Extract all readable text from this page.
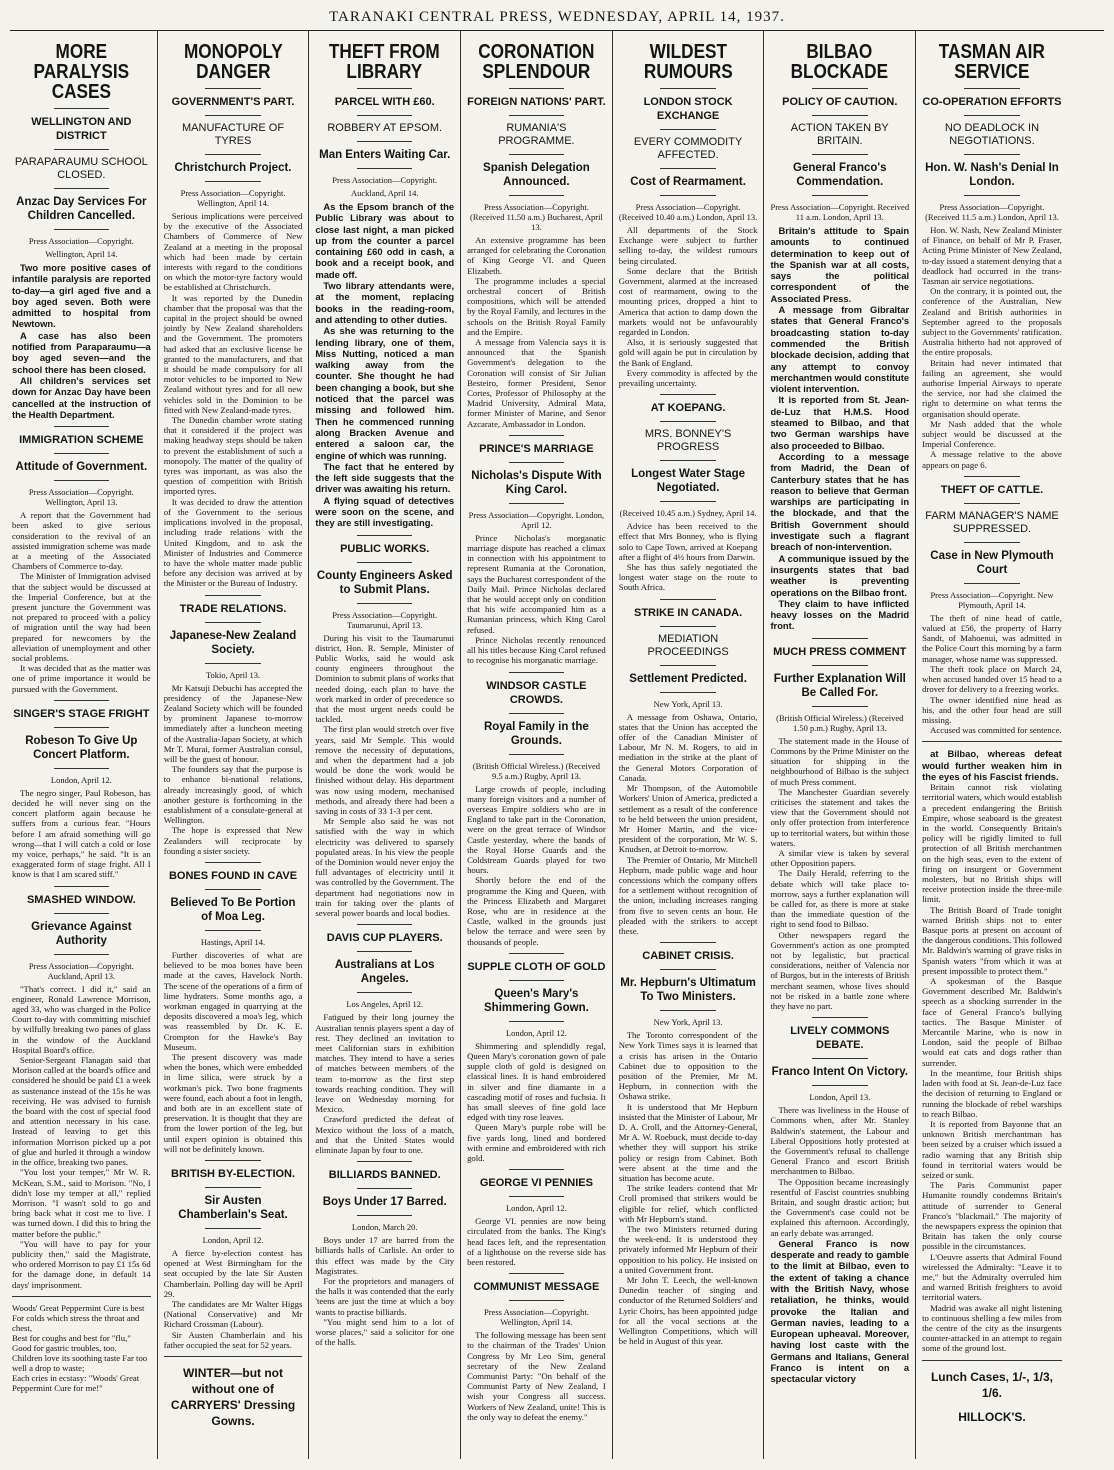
TARANAKI CENTRAL PRESS, WEDNESDAY, APRIL 14, 1937.
MORE PARALYSIS CASES
WELLINGTON AND DISTRICT
PARAPARAUMU SCHOOL CLOSED.
Anzac Day Services For Children Cancelled.
Press Association—Copyright.
Wellington, April 14.
Two more positive cases of infantile paralysis are reported to-day—a girl aged five and a boy aged seven. Both were admitted to hospital from Newtown.
A case has also been notified from Paraparaumu—a boy aged seven—and the school there has been closed.
All children's services set down for Anzac Day have been cancelled at the instruction of the Health Department.
IMMIGRATION SCHEME
Attitude of Government.
Press Association—Copyright. Wellington, April 13.
A report that the Government had been asked to give serious consideration to the revival of an assisted immigration scheme was made at a meeting of the Associated Chambers of Commerce to-day.
The Minister of Immigration advised that the subject would be discussed at the Imperial Conference, but at the present juncture the Government was not prepared to proceed with a policy of migration until the way had been prepared for newcomers by the alleviation of unemployment and other social problems.
It was decided that as the matter was one of prime importance it would be pursued with the Government.
SINGER'S STAGE FRIGHT
Robeson To Give Up Concert Platform.
London, April 12.
The negro singer, Paul Robeson, has decided he will never sing on the concert platform again because he suffers from a curious fear. "Hours before I am afraid something will go wrong—that I will catch a cold or lose my voice, perhaps," he said. "It is an exaggerated form of stage fright. All I know is that I am scared stiff."
SMASHED WINDOW.
Grievance Against Authority
Press Association—Copyright. Auckland, April 13.
"That's correct. I did it," said an engineer, Ronald Lawrence Morrison, aged 33, who was charged in the Police Court to-day with committing mischief by wilfully breaking two panes of glass in the window of the Auckland Hospital Board's office.
Senior-Sergeant Flanagan said that Morison called at the board's office and considered he should be paid £1 a week as sustenance instead of the 15s he was receiving. He was advised to furnish the board with the cost of special food and attention necessary in his case. Instead of leaving to get this information Morrison picked up a pot of glue and hurled it through a window in the office, breaking two panes.
"You lost your temper," Mr W. R. McKean, S.M., said to Morison. "No, I didn't lose my temper at all," replied Morrison. "I wasn't sold to go and bring back what it cost me to live. I was turned down. I did this to bring the matter before the public."
"You will have to pay for your publicity then," said the Magistrate, who ordered Morrison to pay £1 15s 6d for the damage done, in default 14 days' imprisonment.
Woods' Great Peppermint Cure is best For colds which stress the throat and chest,
Best for coughs and best for "flu," Good for gastric troubles, too.
Children love its soothing taste Far too well a drop to waste;
Each cries in ecstasy: "Woods' Great Peppermint Cure for me!"
MONOPOLY DANGER
GOVERNMENT'S PART.
MANUFACTURE OF TYRES
Christchurch Project.
Press Association—Copyright. Wellington, April 14.
Serious implications were perceived by the executive of the Associated Chambers of Commerce of New Zealand at a meeting in the proposal which had been made by certain interests with regard to the conditions on which the motor-tyre factory would be established at Christchurch.
It was reported by the Dunedin chamber that the proposal was that the capital in the project should be owned jointly by New Zealand shareholders and the Government. The promoters had asked that an exclusive license be granted to the manufacturers, and that it should be made compulsory for all motor vehicles to be imported to New Zealand without tyres and for all new vehicles sold in the Dominion to be fitted with New Zealand-made tyres.
The Dunedin chamber wrote stating that it considered if the project was making headway steps should be taken to prevent the establishment of such a monopoly. The matter of the quality of tyres was important, as was also the question of competition with British imported tyres.
It was decided to draw the attention of the Government to the serious implications involved in the proposal, including trade relations with the United Kingdom, and to ask the Minister of Industries and Commerce to have the whole matter made public before any decision was arrived at by the Minister or the Bureau of Industry.
TRADE RELATIONS.
Japanese-New Zealand Society.
Tokio, April 13.
Mr Katsuji Debuchi has accepted the presidency of the Japanese-New Zealand Society which will be founded by prominent Japanese to-morrow immediately after a luncheon meeting of the Australia-Japan Society, at which Mr T. Murai, former Australian consul, will be the guest of honour.
The founders say that the purpose is to enhance bi-national relations, already increasingly good, of which another gesture is forthcoming in the establishment of a consulate-general at Wellington.
The hope is expressed that New Zealanders will reciprocate by founding a sister society.
BONES FOUND IN CAVE
Believed To Be Portion of Moa Leg.
Hastings, April 14.
Further discoveries of what are believed to be moa bones have been made at the caves, Havelock North. The scene of the operations of a firm of lime hydraters. Some months ago, a workman engaged in quarrying at the deposits discovered a moa's leg, which was reassembled by Dr. K. E. Crompton for the Hawke's Bay Museum.
The present discovery was made when the bones, which were embedded in lime silica, were struck by a workman's pick. Two bone fragments were found, each about a foot in length, and both are in an excellent state of preservation. It is thought that they are from the lower portion of the leg, but until expert opinion is obtained this will not be definitely known.
BRITISH BY-ELECTION.
Sir Austen Chamberlain's Seat.
London, April 12.
A fierce by-election contest has opened at West Birmingham for the seat occupied by the late Sir Austen Chamberlain. Polling day will be April 29.
The candidates are Mr Walter Higgs (National Conservative) and Mr Richard Crossman (Labour).
Sir Austen Chamberlain and his father occupied the seat for 52 years.
WINTER—but not without one of CARRYERS' Dressing Gowns.
THEFT FROM LIBRARY
PARCEL WITH £60.
ROBBERY AT EPSOM.
Man Enters Waiting Car.
Press Association—Copyright.
Auckland, April 14.
As the Epsom branch of the Public Library was about to close last night, a man picked up from the counter a parcel containing £60 odd in cash, a book and a receipt book, and made off.
Two library attendants were, at the moment, replacing books in the reading-room, and attending to other duties.
As she was returning to the lending library, one of them, Miss Nutting, noticed a man walking away from the counter. She thought he had been changing a book, but she noticed that the parcel was missing and followed him. Then he commenced running along Bracken Avenue and entered a saloon car, the engine of which was running.
The fact that he entered by the left side suggests that the driver was awaiting his return.
A flying squad of detectives were soon on the scene, and they are still investigating.
PUBLIC WORKS.
County Engineers Asked to Submit Plans.
Press Association—Copyright. Taumarunui, April 13.
During his visit to the Taumarunui district, Hon. R. Semple, Minister of Public Works, said he would ask county engineers throughout the Dominion to submit plans of works that needed doing, each plan to have the work marked in order of precedence so that the most urgent needs could be tackled.
The first plan would stretch over five years, said Mr Semple. This would remove the necessity of deputations, and when the department had a job would be done the work would be finished without delay. His department was now using modern, mechanised methods, and already there had been a saving in costs of 33 1-3 per cent.
Mr Semple also said he was not satisfied with the way in which electricity was delivered to sparsely populated areas. In his view the people of the Dominion would never enjoy the full advantages of electricity until it was controlled by the Government. The department had negotiations now in train for taking over the plants of several power boards and local bodies.
DAVIS CUP PLAYERS.
Australians at Los Angeles.
Los Angeles, April 12.
Fatigued by their long journey the Australian tennis players spent a day of rest. They declined an invitation to meet Californian stars in exhibition matches. They intend to have a series of matches between members of the team to-morrow as the first step towards reaching condition. They will leave on Wednesday morning for Mexico.
Crawford predicted the defeat of Mexico without the loss of a match, and that the United States would eliminate Japan by four to one.
BILLIARDS BANNED.
Boys Under 17 Barred.
London, March 20.
Boys under 17 are barred from the billiards halls of Carlisle. An order to this effect was made by the City Magistrates.
For the proprietors and managers of the halls it was contended that the early 'teens are just the time at which a boy wants to practise billiards.
"You might send him to a lot of worse places," said a solicitor for one of the halls.
CORONATION SPLENDOUR
FOREIGN NATIONS' PART.
RUMANIA'S PROGRAMME.
Spanish Delegation Announced.
Press Association—Copyright. (Received 11.50 a.m.) Bucharest, April 13.
An extensive programme has been arranged for celebrating the Coronation of King George VI. and Queen Elizabeth.
The programme includes a special orchestral concert of British compositions, which will be attended by the Royal Family, and lectures in the schools on the British Royal Family and the Empire.
A message from Valencia says it is announced that the Spanish Government's delegation to the Coronation will consist of Sir Julian Besteiro, former President, Senor Cortes, Professor of Philosophy at the Madrid University, Admiral Mata, former Minister of Marine, and Senor Azcarate, Ambassador in London.
PRINCE'S MARRIAGE
Nicholas's Dispute With King Carol.
Press Association—Copyright. London, April 12.
Prince Nicholas's morganatic marriage dispute has reached a climax in connection with his appointment to represent Rumania at the Coronation, says the Bucharest correspondent of the Daily Mail. Prince Nicholas declared that he would accept only on condition that his wife accompanied him as a Rumanian princess, which King Carol refused.
Prince Nicholas recently renounced all his titles because King Carol refused to recognise his morganatic marriage.
WINDSOR CASTLE CROWDS.
Royal Family in the Grounds.
(British Official Wireless.) (Received 9.5 a.m.) Rugby, April 13.
Large crowds of people, including many foreign visitors and a number of overseas Empire soldiers who are in England to take part in the Coronation, were on the great terrace of Windsor Castle yesterday, where the bands of the Royal Horse Guards and the Coldstream Guards played for two hours.
Shortly before the end of the programme the King and Queen, with the Princess Elizabeth and Margaret Rose, who are in residence at the Castle, walked in the grounds just below the terrace and were seen by thousands of people.
SUPPLE CLOTH OF GOLD
Queen's Mary's Shimmering Gown.
London, April 12.
Shimmering and splendidly regal, Queen Mary's coronation gown of pale supple cloth of gold is designed on classical lines. It is hand embroidered in silver and fine diamante in a cascading motif of roses and fuchsia. It has small sleeves of fine gold lace edged with tiny rose leaves.
Queen Mary's purple robe will be five yards long, lined and bordered with ermine and embroidered with rich gold.
GEORGE VI PENNIES
London, April 12.
George VI. pennies are now being circulated from the banks. The King's head faces left, and the representation of a lighthouse on the reverse side has been restored.
COMMUNIST MESSAGE
Press Association—Copyright. Wellington, April 14.
The following message has been sent to the chairman of the Trades' Union Congress by Mr Leo Sim, general secretary of the New Zealand Communist Party: "On behalf of the Communist Party of New Zealand, I wish your Congress all success. Workers of New Zealand, unite! This is the only way to defeat the enemy."
WILDEST RUMOURS
LONDON STOCK EXCHANGE
EVERY COMMODITY AFFECTED.
Cost of Rearmament.
Press Association—Copyright. (Received 10.40 a.m.) London, April 13.
All departments of the Stock Exchange were subject to further selling to-day, the wildest rumours being circulated.
Some declare that the British Government, alarmed at the increased cost of rearmament, owing to the mounting prices, dropped a hint to America that action to damp down the markets would not be unfavourably regarded in London.
Also, it is seriously suggested that gold will again be put in circulation by the Bank of England.
Every commodity is affected by the prevailing uncertainty.
AT KOEPANG.
MRS. BONNEY'S PROGRESS
Longest Water Stage Negotiated.
(Received 10.45 a.m.) Sydney, April 14.
Advice has been received to the effect that Mrs Bonney, who is flying solo to Cape Town, arrived at Koepang after a flight of 4½ hours from Darwin.
She has thus safely negotiated the longest water stage on the route to South Africa.
STRIKE IN CANADA.
MEDIATION PROCEEDINGS
Settlement Predicted.
New York, April 13.
A message from Oshawa, Ontario, states that the Union has accepted the offer of the Canadian Minister of Labour, Mr N. M. Rogers, to aid in mediation in the strike at the plant of the General Motors Corporation of Canada.
Mr Thompson, of the Automobile Workers' Union of America, predicted a settlement as a result of the conference to be held between the union president, Mr Homer Martin, and the vice-president of the corporation, Mr W. S. Knudsen, at Detroit to-morrow.
The Premier of Ontario, Mr Mitchell Hepburn, made public wage and hour concessions which the company offers for a settlement without recognition of the union, including increases ranging from five to seven cents an hour. He pleaded with the strikers to accept these.
CABINET CRISIS.
Mr. Hepburn's Ultimatum To Two Ministers.
New York, April 13.
The Toronto correspondent of the New York Times says it is learned that a crisis has arisen in the Ontario Cabinet due to opposition to the position of the Premier, Mr M. Hepburn, in connection with the Oshawa strike.
It is understood that Mr Hepburn insisted that the Minister of Labour, Mr D. A. Croll, and the Attorney-General, Mr A. W. Roebuck, must decide to-day whether they will support his strike policy or resign from Cabinet. Both were absent at the time and the situation has become acute.
The strike leaders contend that Mr Croll promised that strikers would be eligible for relief, which conflicted with Mr Hepburn's stand.
The two Ministers returned during the week-end. It is understood they privately informed Mr Hepburn of their opposition to his policy. He insisted on a united Government front.
Mr John T. Leech, the well-known Dunedin teacher of singing and conductor of the Returned Soldiers' and Lyric Choirs, has been appointed judge for all the vocal sections at the Wellington Competitions, which will be held in August of this year.
BILBAO BLOCKADE
POLICY OF CAUTION.
ACTION TAKEN BY BRITAIN.
General Franco's Commendation.
Press Association—Copyright. Received 11 a.m. London, April 13.
Britain's attitude to Spain amounts to continued determination to keep out of the Spanish war at all costs, says the political correspondent of the Associated Press.
A message from Gibraltar states that General Franco's broadcasting station to-day commended the British blockade decision, adding that any attempt to convoy merchantmen would constitute violent intervention.
It is reported from St. Jean-de-Luz that H.M.S. Hood steamed to Bilbao, and that two German warships have also proceeded to Bilbao.
According to a message from Madrid, the Dean of Canterbury states that he has reason to believe that German warships are participating in the blockade, and that the British Government should investigate such a flagrant breach of non-intervention.
A communique issued by the insurgents states that bad weather is preventing operations on the Bilbao front.
They claim to have inflicted heavy losses on the Madrid front.
MUCH PRESS COMMENT
Further Explanation Will Be Called For.
(British Official Wireless.) (Received 1.50 p.m.) Rugby, April 13.
The statement made in the House of Commons by the Prime Minister on the situation for shipping in the neighbourhood of Bilbao is the subject of much Press comment.
The Manchester Guardian severely criticises the statement and takes the view that the Government should not only offer protection from interference up to territorial waters, but within those waters.
A similar view is taken by several other Opposition papers.
The Daily Herald, referring to the debate which will take place to-morrow, says a further explanation will be called for, as there is more at stake than the immediate question of the right to send food to Bilbao.
Other newspapers regard the Government's action as one prompted not by legalistic, but practical considerations, neither of Valencia nor of Burgos, but in the interests of British merchant seamen, whose lives should not be risked in a battle zone where they have no part.
LIVELY COMMONS DEBATE.
Franco Intent On Victory.
London, April 13.
There was liveliness in the House of Commons when, after Mr. Stanley Baldwin's statement, the Labour and Liberal Oppositions hotly protested at the Government's refusal to challenge General Franco and escort British merchantmen to Bilbao.
The Opposition became increasingly resentful of Fascist countries snubbing Britain, and sought drastic action; but the Government's case could not be explained this afternoon. Accordingly, an early debate was arranged.
General Franco is now desperate and ready to gamble to the limit at Bilbao, even to the extent of taking a chance with the British Navy, whose retaliation, he thinks, would provoke the Italian and German navies, leading to a European upheaval. Moreover, having lost caste with the Germans and Italians, General Franco is intent on a spectacular victory
TASMAN AIR SERVICE
CO-OPERATION EFFORTS
NO DEADLOCK IN NEGOTIATIONS.
Hon. W. Nash's Denial In London.
Press Association—Copyright. (Received 11.5 a.m.) London, April 13.
Hon. W. Nash, New Zealand Minister of Finance, on behalf of Mr P. Fraser, Acting Prime Minister of New Zealand, to-day issued a statement denying that a deadlock had occurred in the trans-Tasman air service negotiations.
On the contrary, it is pointed out, the conference of the Australian, New Zealand and British authorities in September agreed to the proposals subject to the Governments' ratification. Australia hitherto had not approved of the entire proposals.
Britain had never intimated that failing an agreement, she would authorise Imperial Airways to operate the service, nor had she claimed the right to determine on what terms the organisation should operate.
Mr Nash added that the whole subject would be discussed at the Imperial Conference.
A message relative to the above appears on page 6.
THEFT OF CATTLE.
FARM MANAGER'S NAME SUPPRESSED.
Case in New Plymouth Court
Press Association—Copyright. New Plymouth, April 14.
The theft of nine head of cattle, valued at £56, the property of Harry Sandt, of Mahoenui, was admitted in the Police Court this morning by a farm manager, whose name was suppressed.
The theft took place on March 24, when accused handed over 15 head to a drover for delivery to a freezing works.
The owner identified nine head as his, and the other four head are still missing.
Accused was committed for sentence.
at Bilbao, whereas defeat would further weaken him in the eyes of his Fascist friends.
Britain cannot risk violating territorial waters, which would establish a precedent endangering the British Empire, whose seaboard is the greatest in the world. Consequently Britain's policy will be rigidly limited to full protection of all British merchantmen on the high seas, even to the extent of firing on insurgent or Government molesters, but no British ships will receive protection inside the three-mile limit.
The British Board of Trade tonight warned British ships not to enter Basque ports at present on account of the dangerous conditions. This followed Mr. Baldwin's warning of grave risks in Spanish waters "from which it was at present impossible to protect them."
A spokesman of the Basque Government described Mr. Baldwin's speech as a shocking surrender in the face of General Franco's bullying tactics. The Basque Minister of Mercantile Marine, who is now in London, said the people of Bilbao would eat cats and dogs rather than surrender.
In the meantime, four British ships laden with food at St. Jean-de-Luz face the decision of returning to England or running the blockade of rebel warships to reach Bilbao.
It is reported from Bayonne that an unknown British merchantman has been seized by a cruiser which issued a radio warning that any British ship found in territorial waters would be seized or sunk.
The Paris Communist paper Humanite roundly condemns Britain's attitude of surrender to General Franco's "blackmail." The majority of the newspapers express the opinion that Britain has taken the only course possible in the circumstances.
L'Oeuvre asserts that Admiral Found wirelessed the Admiralty: "Leave it to me," but the Admiralty overruled him and warned British freighters to avoid territorial waters.
Madrid was awake all night listening to continuous shelling a few miles from the centre of the city as the insurgents counter-attacked in an attempt to regain some of the ground lost.
Lunch Cases, 1/-, 1/3, 1/6.
HILLOCK'S.
